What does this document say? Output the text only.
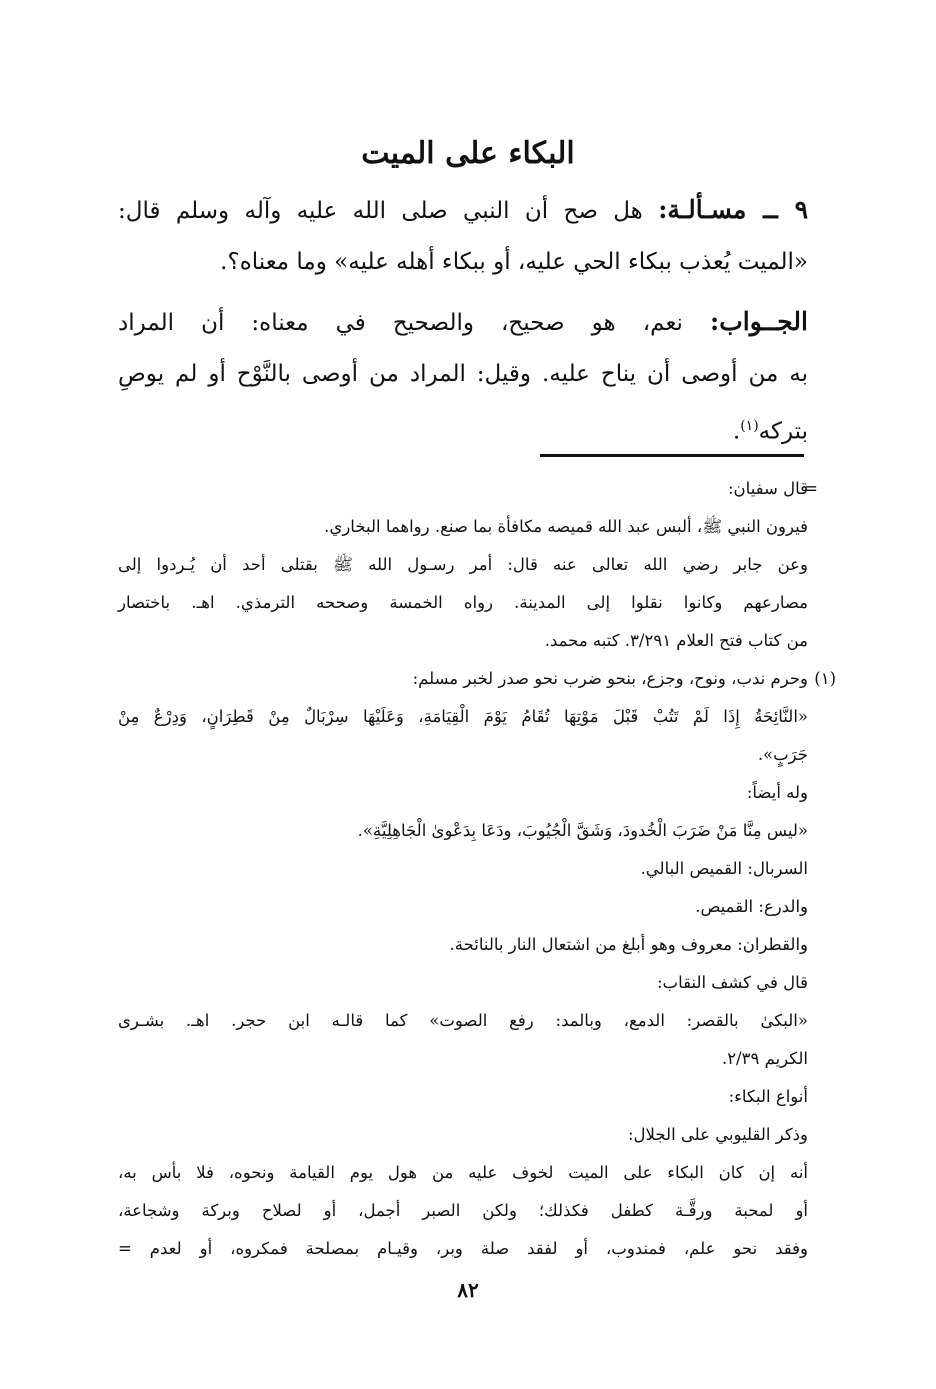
البكاء على الميت
٩ ــ مسـألـة: هل صح أن النبي صلى الله عليه وآله وسلم قال:
«الميت يُعذب ببكاء الحي عليه، أو ببكاء أهله عليه» وما معناه؟.
الجــواب: نعم، هو صحيح، والصحيح في معناه: أن المراد
به من أوصى أن يناح عليه. وقيل: المراد من أوصى بالنَّوْح أو لم يوصِ
بتركه$^{(١)}$.
=
(١)
قال سفيان:
فيرون النبي ﷺ، ألبس عبد الله قميصه مكافأة بما صنع. رواهما البخاري.
وعن جابر رضي الله تعالى عنه قال: أمر رسـول الله ﷺ بقتلى أحد أن يُـردوا إلى
مصارعهم وكانوا نقلوا إلى المدينة. رواه الخمسة وصححه الترمذي. اهـ. باختصار
من كتاب فتح العلام ٣/٢٩١. كتبه محمد.
وحرم ندب، ونوح، وجزع، بنحو ضرب نحو صدر لخبر مسلم:
«النَّائِحَةُ إِذَا لَمْ تَتُبْ قَبْلَ مَوْتِهَا تُقَامُ يَوْمَ الْقِيَامَةِ، وَعَلَيْهَا سِرْبَالٌ مِنْ قَطِرَانٍ، وَدِرْعٌ مِنْ
جَرَبٍ».
وله أيضاً:
«ليس مِنَّا مَنْ ضَرَبَ الْخُدودَ، وَشَقَّ الْجُيُوبَ، ودَعَا بِدَعْوىٰ الْجَاهِلِيَّةِ».
السربال: القميص البالي.
والدرع: القميص.
والقطران: معروف وهو أبلغ من اشتعال النار بالنائحة.
قال في كشف النقاب:
«البكىٰ بالقصر: الدمع، وبالمد: رفع الصوت» كما قالـه ابن حجر. اهـ. بشـرى
الكريم ٢/٣٩.
أنواع البكاء:
وذكر القليوبي على الجلال:
أنه إن كان البكاء على الميت لخوف عليه من هول يوم القيامة ونحوه، فلا بأس به،
أو لمحبة ورقَّـة كطفل فكذلك؛ ولكن الصبر أجمل، أو لصلاح وبركة وشجاعة،
وفقد نحو علم، فمندوب، أو لفقد صلة وبر، وقيـام بمصلحة فمكروه، أو لعدم =
٨٢
